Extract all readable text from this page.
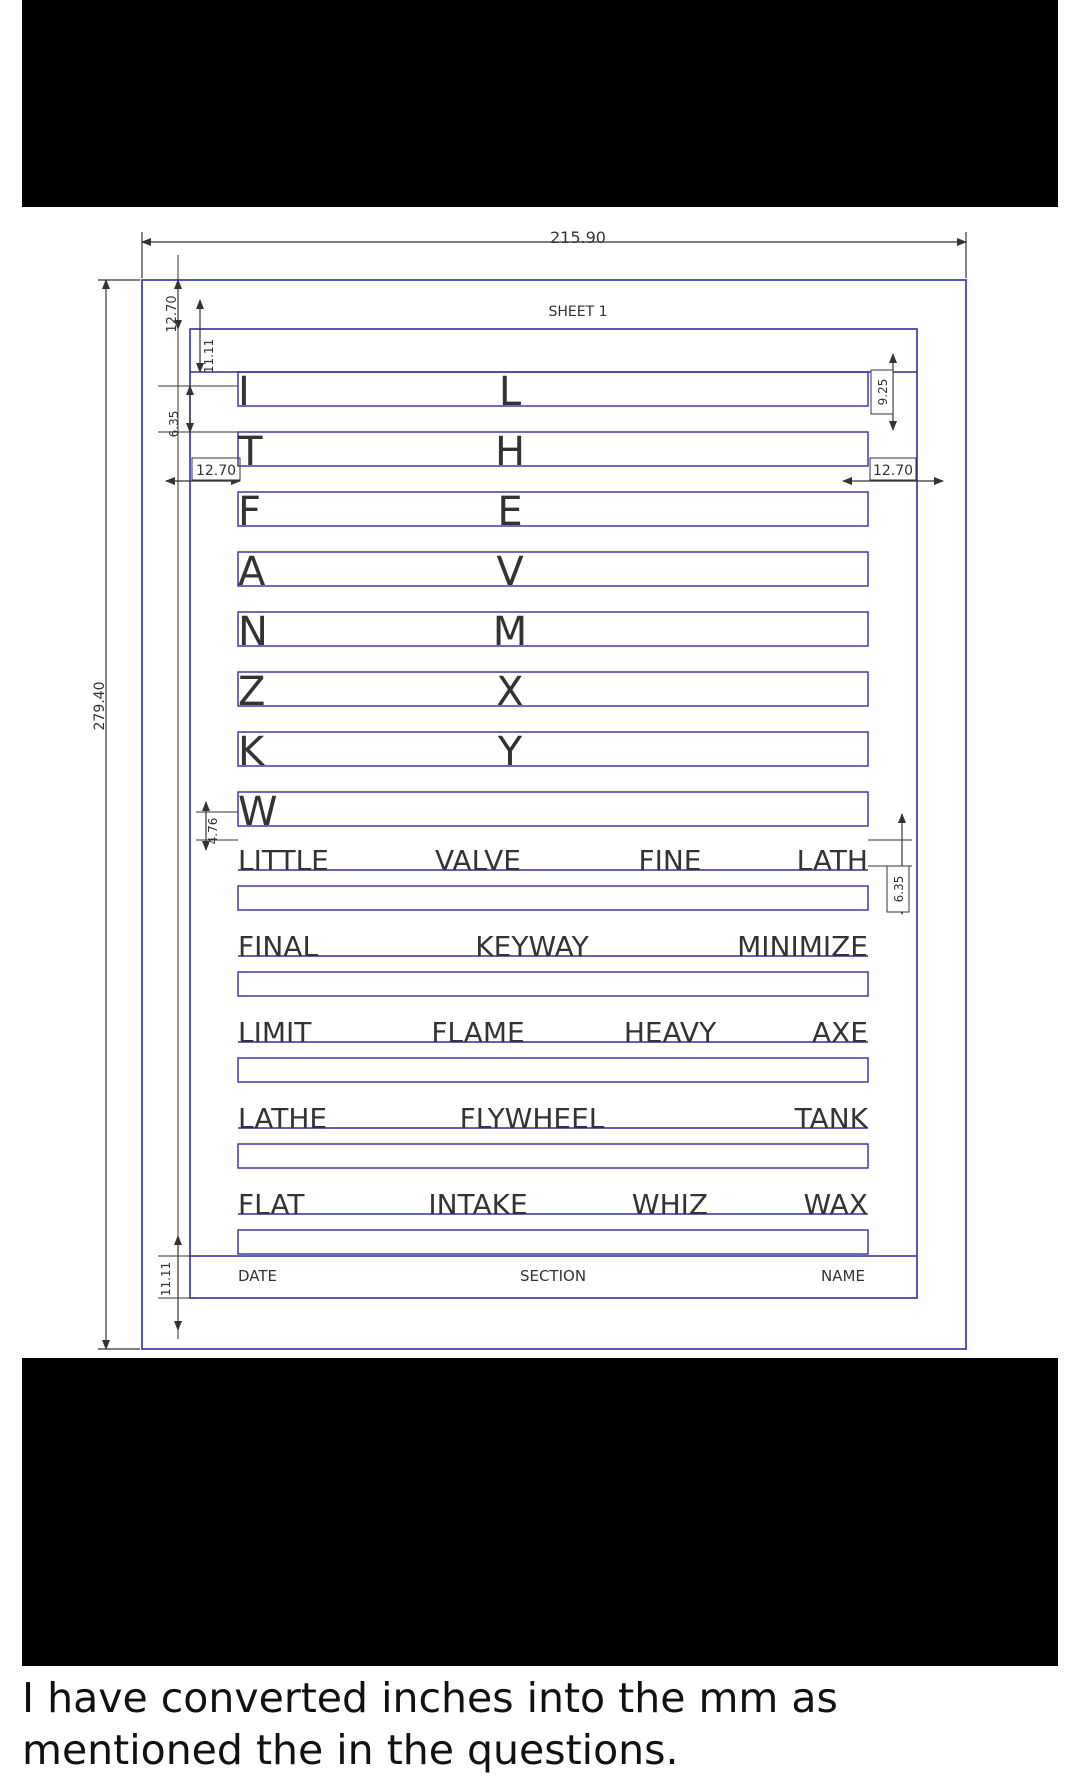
215.90
279.40
12.70
11.11
6.35
12.70
9.25
12.70
4.76
6.35
11.11
SHEET 1
I	L
T	H
F	E
A	V
N	M
Z	X
K	Y
W
LITTLE	VALVE	FINE	LATH
FINAL	KEYWAY	MINIMIZE
LIMIT	FLAME	HEAVY	AXE
LATHE	FLYWHEEL	TANK
FLAT	INTAKE	WHIZ	WAX
DATE	SECTION	NAME

I have converted inches into the mm as mentioned the in the questions.
